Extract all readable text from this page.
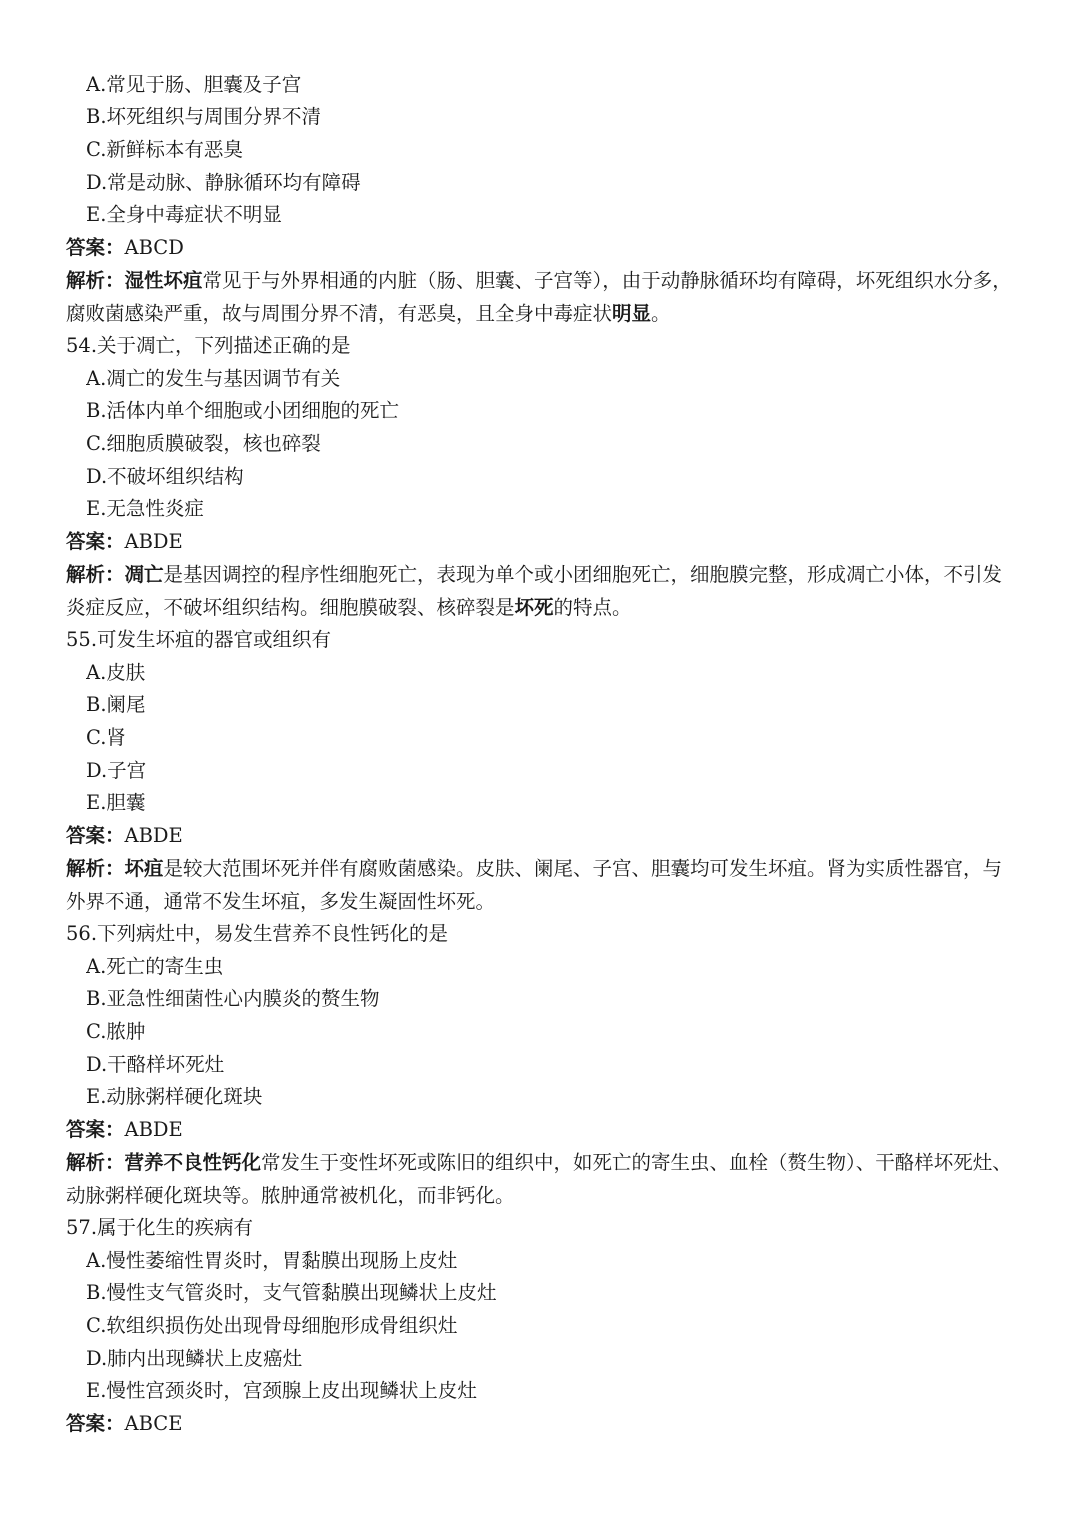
A.常见于肠、胆囊及子宫
B.坏死组织与周围分界不清
C.新鲜标本有恶臭
D.常是动脉、静脉循环均有障碍
E.全身中毒症状不明显
答案：ABCD
解析：湿性坏疽常见于与外界相通的内脏（肠、胆囊、子宫等），由于动静脉循环均有障碍，坏死组织水分多，腐败菌感染严重，故与周围分界不清，有恶臭，且全身中毒症状明显。
54.关于凋亡，下列描述正确的是
A.凋亡的发生与基因调节有关
B.活体内单个细胞或小团细胞的死亡
C.细胞质膜破裂，核也碎裂
D.不破坏组织结构
E.无急性炎症
答案：ABDE
解析：凋亡是基因调控的程序性细胞死亡，表现为单个或小团细胞死亡，细胞膜完整，形成凋亡小体，不引发炎症反应，不破坏组织结构。细胞膜破裂、核碎裂是坏死的特点。
55.可发生坏疽的器官或组织有
A.皮肤
B.阑尾
C.肾
D.子宫
E.胆囊
答案：ABDE
解析：坏疽是较大范围坏死并伴有腐败菌感染。皮肤、阑尾、子宫、胆囊均可发生坏疽。肾为实质性器官，与外界不通，通常不发生坏疽，多发生凝固性坏死。
56.下列病灶中，易发生营养不良性钙化的是
A.死亡的寄生虫
B.亚急性细菌性心内膜炎的赘生物
C.脓肿
D.干酪样坏死灶
E.动脉粥样硬化斑块
答案：ABDE
解析：营养不良性钙化常发生于变性坏死或陈旧的组织中，如死亡的寄生虫、血栓（赘生物）、干酪样坏死灶、动脉粥样硬化斑块等。脓肿通常被机化，而非钙化。
57.属于化生的疾病有
A.慢性萎缩性胃炎时，胃黏膜出现肠上皮灶
B.慢性支气管炎时，支气管黏膜出现鳞状上皮灶
C.软组织损伤处出现骨母细胞形成骨组织灶
D.肺内出现鳞状上皮癌灶
E.慢性宫颈炎时，宫颈腺上皮出现鳞状上皮灶
答案：ABCE
